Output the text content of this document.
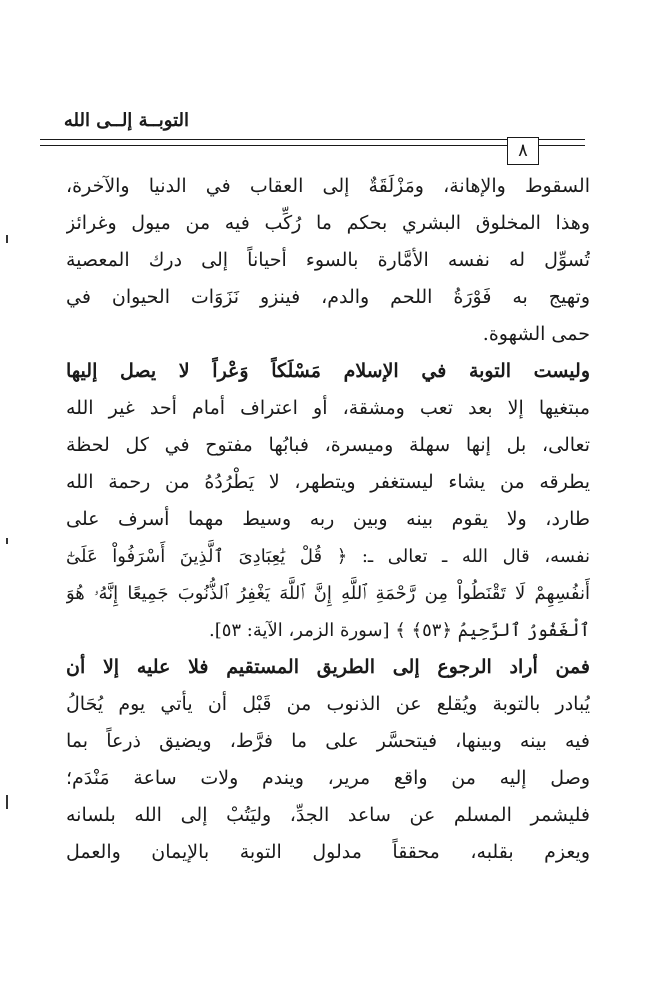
التوبــة إلــى الله
٨
السقوط والإهانة، ومَزْلَقَةٌ إلى العقاب في الدنيا والآخرة،
وهذا المخلوق البشري بحكم ما رُكِّب فيه من ميول وغرائز
تُسوِّل له نفسه الأمَّارة بالسوء أحياناً إلى درك المعصية
وتهيج به فَوْرَةُ اللحم والدم، فينزو نَزَوَات الحيوان في
حمى الشهوة.
وليست التوبة في الإسلام مَسْلَكاً وَعْراً لا يصل إليها
مبتغيها إلا بعد تعب ومشقة، أو اعتراف أمام أحد غير الله
تعالى، بل إنها سهلة وميسرة، فبابُها مفتوح في كل لحظة
يطرقه من يشاء ليستغفر ويتطهر، لا يَطْرُدُهُ من رحمة الله
طارد، ولا يقوم بينه وبين ربه وسيط مهما أسرف على
نفسه، قال الله ـ تعالى ـ: ﴿ قُلْ يَٰعِبَادِىَ ٱلَّذِينَ أَسْرَفُواْ عَلَىٰٓ
أَنفُسِهِمْ لَا تَقْنَطُواْ مِن رَّحْمَةِ ٱللَّهِ إِنَّ ٱللَّهَ يَغْفِرُ ٱلذُّنُوبَ جَمِيعًا إِنَّهُۥ هُوَ
ٱلْغَفُورُ ٱلرَّحِيمُ ﴿٥٣﴾ ﴾ [سورة الزمر، الآية: ٥٣].
فمن أراد الرجوع إلى الطريق المستقيم فلا عليه إلا أن
يُبادر بالتوبة ويُقلع عن الذنوب من قَبْل أن يأتي يوم يُحَالُ
فيه بينه وبينها، فيتحسَّر على ما فرَّط، ويضيق ذرعاً بما
وصل إليه من واقع مرير، ويندم ولات ساعة مَنْدَم؛
فليشمر المسلم عن ساعد الجدِّ، وليَتُبْ إلى الله بلسانه
ويعزم بقلبه، محققاً مدلول التوبة بالإيمان والعمل
